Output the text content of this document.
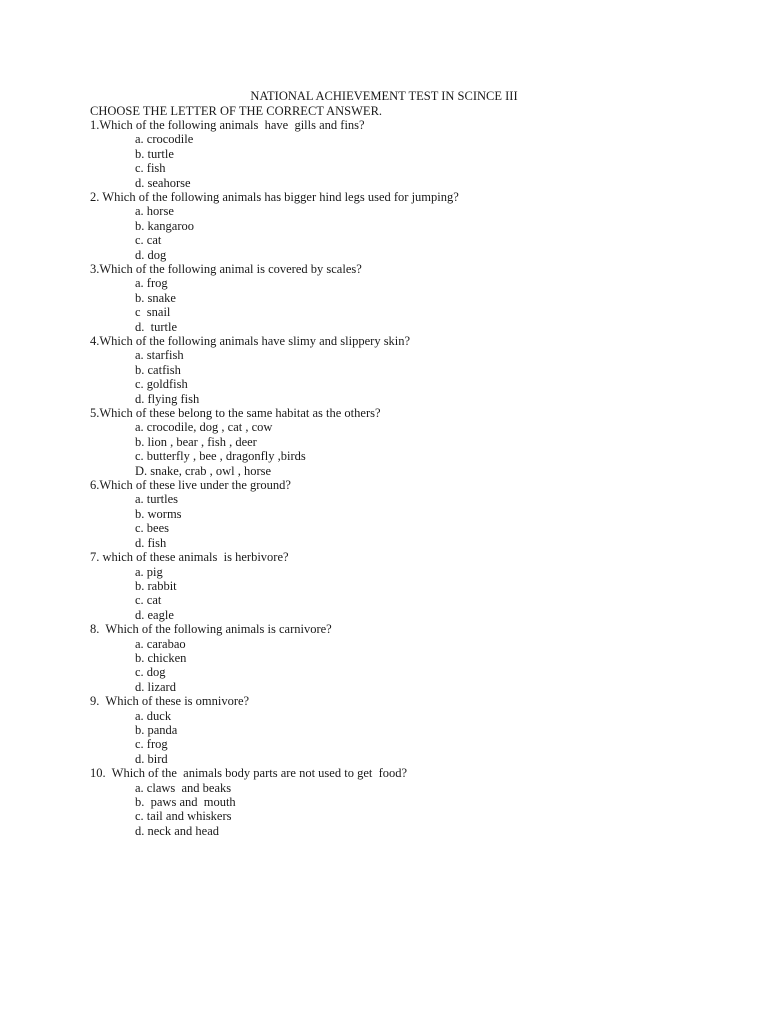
NATIONAL ACHIEVEMENT TEST IN SCINCE III
CHOOSE THE LETTER OF THE CORRECT ANSWER.
1.Which of the following animals  have  gills and fins?
a. crocodile
b. turtle
c. fish
d. seahorse
2. Which of the following animals has bigger hind legs used for jumping?
a. horse
b. kangaroo
c. cat
d. dog
3.Which of the following animal is covered by scales?
a. frog
b. snake
c  snail
d.  turtle
4.Which of the following animals have slimy and slippery skin?
a. starfish
b. catfish
c. goldfish
d. flying fish
5.Which of these belong to the same habitat as the others?
a. crocodile, dog , cat , cow
b. lion , bear , fish , deer
c. butterfly , bee , dragonfly ,birds
D. snake, crab , owl , horse
6.Which of these live under the ground?
a. turtles
b. worms
c. bees
d. fish
7. which of these animals  is herbivore?
a. pig
b. rabbit
c. cat
d. eagle
8.  Which of the following animals is carnivore?
a. carabao
b. chicken
c. dog
d. lizard
9.  Which of these is omnivore?
a. duck
b. panda
c. frog
d. bird
10.  Which of the  animals body parts are not used to get  food?
a. claws  and beaks
b.  paws and  mouth
c. tail and whiskers
d. neck and head
